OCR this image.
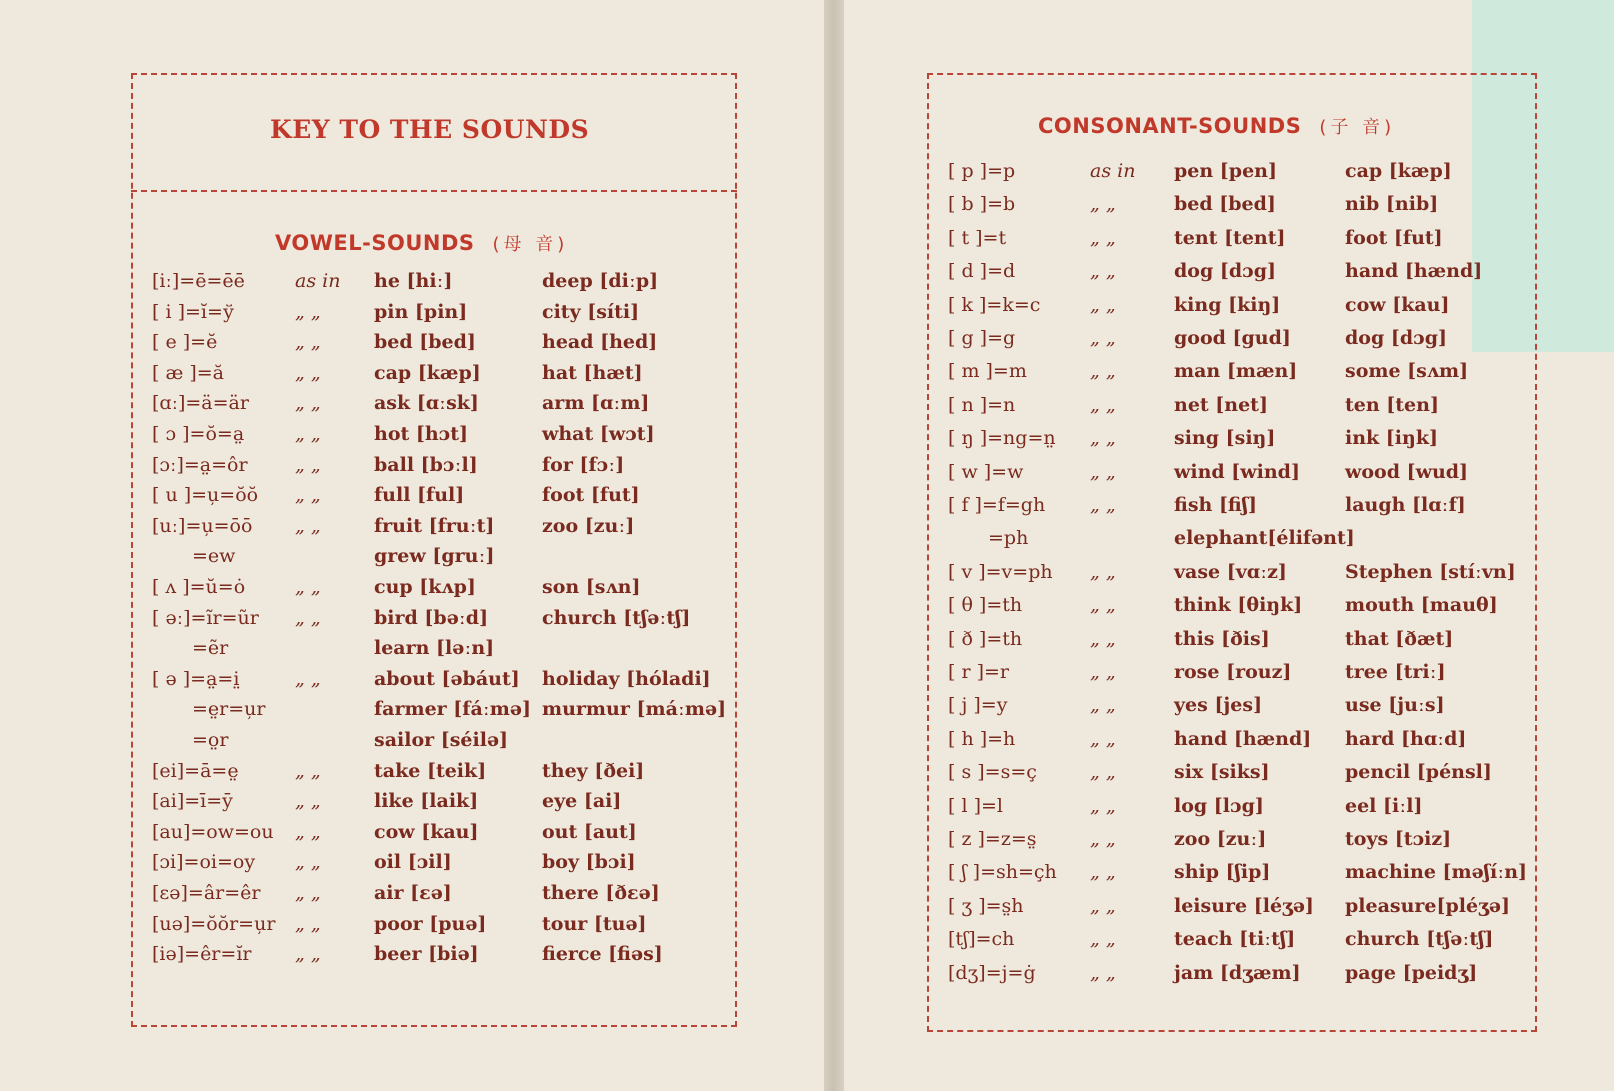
KEY TO THE SOUNDS
VOWEL-SOUNDS (母 音)
CONSONANT-SOUNDS (子 音)
[iː]=ē=ēē	as in he [hiː]	deep [diːp]
[ i ]=ĭ=ў	„ „	pin [pin]	city [síti]
[ e ]=ĕ	„ „	bed [bed]	head [hed]
[ æ ]=ă	„ „	cap [kæp]	hat [hæt]
[ɑː]=ä=är „ „	ask [ɑːsk]	arm [ɑːm]
[ ɔ ]=ŏ=a̤	„ „	hot [hɔt]	what [wɔt]
[ɔː]=a̤=ôr „ „	ball [bɔːl]	for [fɔː]
[ u ]=u̦=ŏŏ „ „	full [ful]	foot [fut]
[uː]=u̦=ōō „ „	fruit [fruːt]	zoo [zuː]
=ew	grew [gruː]
[ ʌ ]=ŭ=ȯ	„ „	cup [kʌp]	son [sʌn]
[ əː]=ĩr=ũr „ „	bird [bəːd]	church [tʃəːtʃ]
=ẽr	learn [ləːn]
[ ə ]=a̤=i̤	„ „	about [əbáut] holiday [hóladi]
=e̤r=u̦r	farmer [fáːmə] murmur [máːmə]
=o̤r	sailor [séilə]
[ei]=ā=e̤	„ „	take [teik]	they [ðei]
[ai]=ī=ȳ	„ „	like [laik]	eye [ai]
[au]=ow=ou „ „	cow [kau]	out [aut]
[ɔi]=oi=oy „ „	oil [ɔil]	boy [bɔi]
[ɛə]=âr=êr „ „	air [ɛə]	there [ðɛə]
[uə]=ŏŏr=u̦r „ „	poor [puə]	tour [tuə]
[iə]=êr=ĭr „ „	beer [biə]	fierce [fiəs]
[ p ]=p	as in pen [pen]	cap [kæp]
[ b ]=b	„ „	bed [bed]	nib [nib]
[ t ]=t	„ „	tent [tent]	foot [fut]
[ d ]=d	„ „	dog [dɔg]	hand [hænd]
[ k ]=k=c	„ „	king [kiŋ]	cow [kau]
[ g ]=g	„ „	good [gud]	dog [dɔg]
[ m ]=m	„ „	man [mæn]	some [sʌm]
[ n ]=n	„ „	net [net]	ten [ten]
[ ŋ ]=ng=n̤ „ „	sing [siŋ]	ink [iŋk]
[ w ]=w	„ „	wind [wind] wood [wud]
[ f ]=f=gh „ „	fish [fiʃ]	laugh [lɑːf]
=ph	elephant[élifənt]
[ v ]=v=ph „ „	vase [vɑːz]	Stephen [stíːvn]
[ θ ]=th	„ „	think [θiŋk] mouth [mauθ]
[ ð ]=th	„ „	this [ðis]	that [ðæt]
[ r ]=r	„ „	rose [rouz]	tree [triː]
[ j ]=y	„ „	yes [jes]	use [juːs]
[ h ]=h	„ „	hand [hænd] hard [hɑːd]
[ s ]=s=ç	„ „	six [siks]	pencil [pénsl]
[ l ]=l	„ „	log [lɔg]	eel [iːl]
[ z ]=z=s̤	„ „	zoo [zuː]	toys [tɔiz]
[ ʃ ]=sh=çh „ „	ship [ʃip]	machine [məʃíːn]
[ ʒ ]=s̤h	„ „	leisure [léʒə] pleasure[pléʒə]
[tʃ]=ch	„ „	teach [tiːtʃ]	church [tʃəːtʃ]
[dʒ]=j=ġ	„ „	jam [dʒæm] page [peidʒ]
